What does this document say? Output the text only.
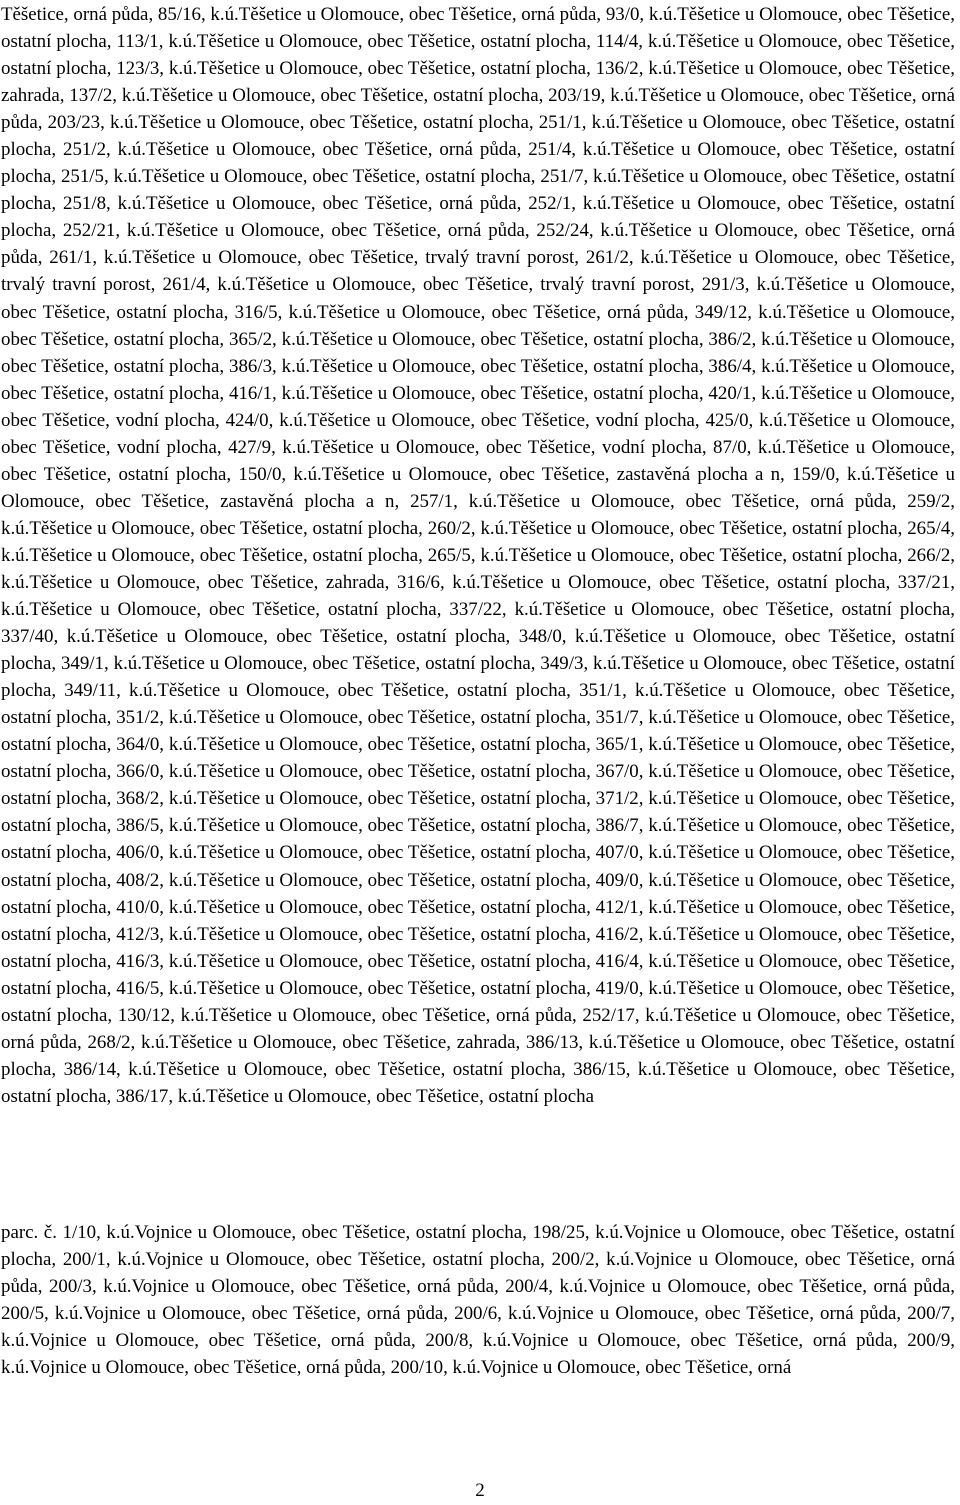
Těšetice, orná půda, 85/16, k.ú.Těšetice u Olomouce, obec Těšetice, orná půda, 93/0, k.ú.Těšetice u Olomouce, obec Těšetice, ostatní plocha, 113/1, k.ú.Těšetice u Olomouce, obec Těšetice, ostatní plocha, 114/4, k.ú.Těšetice u Olomouce, obec Těšetice, ostatní plocha, 123/3, k.ú.Těšetice u Olomouce, obec Těšetice, ostatní plocha, 136/2, k.ú.Těšetice u Olomouce, obec Těšetice, zahrada, 137/2, k.ú.Těšetice u Olomouce, obec Těšetice, ostatní plocha, 203/19, k.ú.Těšetice u Olomouce, obec Těšetice, orná půda, 203/23, k.ú.Těšetice u Olomouce, obec Těšetice, ostatní plocha, 251/1, k.ú.Těšetice u Olomouce, obec Těšetice, ostatní plocha, 251/2, k.ú.Těšetice u Olomouce, obec Těšetice, orná půda, 251/4, k.ú.Těšetice u Olomouce, obec Těšetice, ostatní plocha, 251/5, k.ú.Těšetice u Olomouce, obec Těšetice, ostatní plocha, 251/7, k.ú.Těšetice u Olomouce, obec Těšetice, ostatní plocha, 251/8, k.ú.Těšetice u Olomouce, obec Těšetice, orná půda, 252/1, k.ú.Těšetice u Olomouce, obec Těšetice, ostatní plocha, 252/21, k.ú.Těšetice u Olomouce, obec Těšetice, orná půda, 252/24, k.ú.Těšetice u Olomouce, obec Těšetice, orná půda, 261/1, k.ú.Těšetice u Olomouce, obec Těšetice, trvalý travní porost, 261/2, k.ú.Těšetice u Olomouce, obec Těšetice, trvalý travní porost, 261/4, k.ú.Těšetice u Olomouce, obec Těšetice, trvalý travní porost, 291/3, k.ú.Těšetice u Olomouce, obec Těšetice, ostatní plocha, 316/5, k.ú.Těšetice u Olomouce, obec Těšetice, orná půda, 349/12, k.ú.Těšetice u Olomouce, obec Těšetice, ostatní plocha, 365/2, k.ú.Těšetice u Olomouce, obec Těšetice, ostatní plocha, 386/2, k.ú.Těšetice u Olomouce, obec Těšetice, ostatní plocha, 386/3, k.ú.Těšetice u Olomouce, obec Těšetice, ostatní plocha, 386/4, k.ú.Těšetice u Olomouce, obec Těšetice, ostatní plocha, 416/1, k.ú.Těšetice u Olomouce, obec Těšetice, ostatní plocha, 420/1, k.ú.Těšetice u Olomouce, obec Těšetice, vodní plocha, 424/0, k.ú.Těšetice u Olomouce, obec Těšetice, vodní plocha, 425/0, k.ú.Těšetice u Olomouce, obec Těšetice, vodní plocha, 427/9, k.ú.Těšetice u Olomouce, obec Těšetice, vodní plocha, 87/0, k.ú.Těšetice u Olomouce, obec Těšetice, ostatní plocha, 150/0, k.ú.Těšetice u Olomouce, obec Těšetice, zastavěná plocha a n, 159/0, k.ú.Těšetice u Olomouce, obec Těšetice, zastavěná plocha a n, 257/1, k.ú.Těšetice u Olomouce, obec Těšetice, orná půda, 259/2, k.ú.Těšetice u Olomouce, obec Těšetice, ostatní plocha, 260/2, k.ú.Těšetice u Olomouce, obec Těšetice, ostatní plocha, 265/4, k.ú.Těšetice u Olomouce, obec Těšetice, ostatní plocha, 265/5, k.ú.Těšetice u Olomouce, obec Těšetice, ostatní plocha, 266/2, k.ú.Těšetice u Olomouce, obec Těšetice, zahrada, 316/6, k.ú.Těšetice u Olomouce, obec Těšetice, ostatní plocha, 337/21, k.ú.Těšetice u Olomouce, obec Těšetice, ostatní plocha, 337/22, k.ú.Těšetice u Olomouce, obec Těšetice, ostatní plocha, 337/40, k.ú.Těšetice u Olomouce, obec Těšetice, ostatní plocha, 348/0, k.ú.Těšetice u Olomouce, obec Těšetice, ostatní plocha, 349/1, k.ú.Těšetice u Olomouce, obec Těšetice, ostatní plocha, 349/3, k.ú.Těšetice u Olomouce, obec Těšetice, ostatní plocha, 349/11, k.ú.Těšetice u Olomouce, obec Těšetice, ostatní plocha, 351/1, k.ú.Těšetice u Olomouce, obec Těšetice, ostatní plocha, 351/2, k.ú.Těšetice u Olomouce, obec Těšetice, ostatní plocha, 351/7, k.ú.Těšetice u Olomouce, obec Těšetice, ostatní plocha, 364/0, k.ú.Těšetice u Olomouce, obec Těšetice, ostatní plocha, 365/1, k.ú.Těšetice u Olomouce, obec Těšetice, ostatní plocha, 366/0, k.ú.Těšetice u Olomouce, obec Těšetice, ostatní plocha, 367/0, k.ú.Těšetice u Olomouce, obec Těšetice, ostatní plocha, 368/2, k.ú.Těšetice u Olomouce, obec Těšetice, ostatní plocha, 371/2, k.ú.Těšetice u Olomouce, obec Těšetice, ostatní plocha, 386/5, k.ú.Těšetice u Olomouce, obec Těšetice, ostatní plocha, 386/7, k.ú.Těšetice u Olomouce, obec Těšetice, ostatní plocha, 406/0, k.ú.Těšetice u Olomouce, obec Těšetice, ostatní plocha, 407/0, k.ú.Těšetice u Olomouce, obec Těšetice, ostatní plocha, 408/2, k.ú.Těšetice u Olomouce, obec Těšetice, ostatní plocha, 409/0, k.ú.Těšetice u Olomouce, obec Těšetice, ostatní plocha, 410/0, k.ú.Těšetice u Olomouce, obec Těšetice, ostatní plocha, 412/1, k.ú.Těšetice u Olomouce, obec Těšetice, ostatní plocha, 412/3, k.ú.Těšetice u Olomouce, obec Těšetice, ostatní plocha, 416/2, k.ú.Těšetice u Olomouce, obec Těšetice, ostatní plocha, 416/3, k.ú.Těšetice u Olomouce, obec Těšetice, ostatní plocha, 416/4, k.ú.Těšetice u Olomouce, obec Těšetice, ostatní plocha, 416/5, k.ú.Těšetice u Olomouce, obec Těšetice, ostatní plocha, 419/0, k.ú.Těšetice u Olomouce, obec Těšetice, ostatní plocha, 130/12, k.ú.Těšetice u Olomouce, obec Těšetice, orná půda, 252/17, k.ú.Těšetice u Olomouce, obec Těšetice, orná půda, 268/2, k.ú.Těšetice u Olomouce, obec Těšetice, zahrada, 386/13, k.ú.Těšetice u Olomouce, obec Těšetice, ostatní plocha, 386/14, k.ú.Těšetice u Olomouce, obec Těšetice, ostatní plocha, 386/15, k.ú.Těšetice u Olomouce, obec Těšetice, ostatní plocha, 386/17, k.ú.Těšetice u Olomouce, obec Těšetice, ostatní plocha

parc. č. 1/10, k.ú.Vojnice u Olomouce, obec Těšetice, ostatní plocha, 198/25, k.ú.Vojnice u Olomouce, obec Těšetice, ostatní plocha, 200/1, k.ú.Vojnice u Olomouce, obec Těšetice, ostatní plocha, 200/2, k.ú.Vojnice u Olomouce, obec Těšetice, orná půda, 200/3, k.ú.Vojnice u Olomouce, obec Těšetice, orná půda, 200/4, k.ú.Vojnice u Olomouce, obec Těšetice, orná půda, 200/5, k.ú.Vojnice u Olomouce, obec Těšetice, orná půda, 200/6, k.ú.Vojnice u Olomouce, obec Těšetice, orná půda, 200/7, k.ú.Vojnice u Olomouce, obec Těšetice, orná půda, 200/8, k.ú.Vojnice u Olomouce, obec Těšetice, orná půda, 200/9, k.ú.Vojnice u Olomouce, obec Těšetice, orná půda, 200/10, k.ú.Vojnice u Olomouce, obec Těšetice, orná

2
